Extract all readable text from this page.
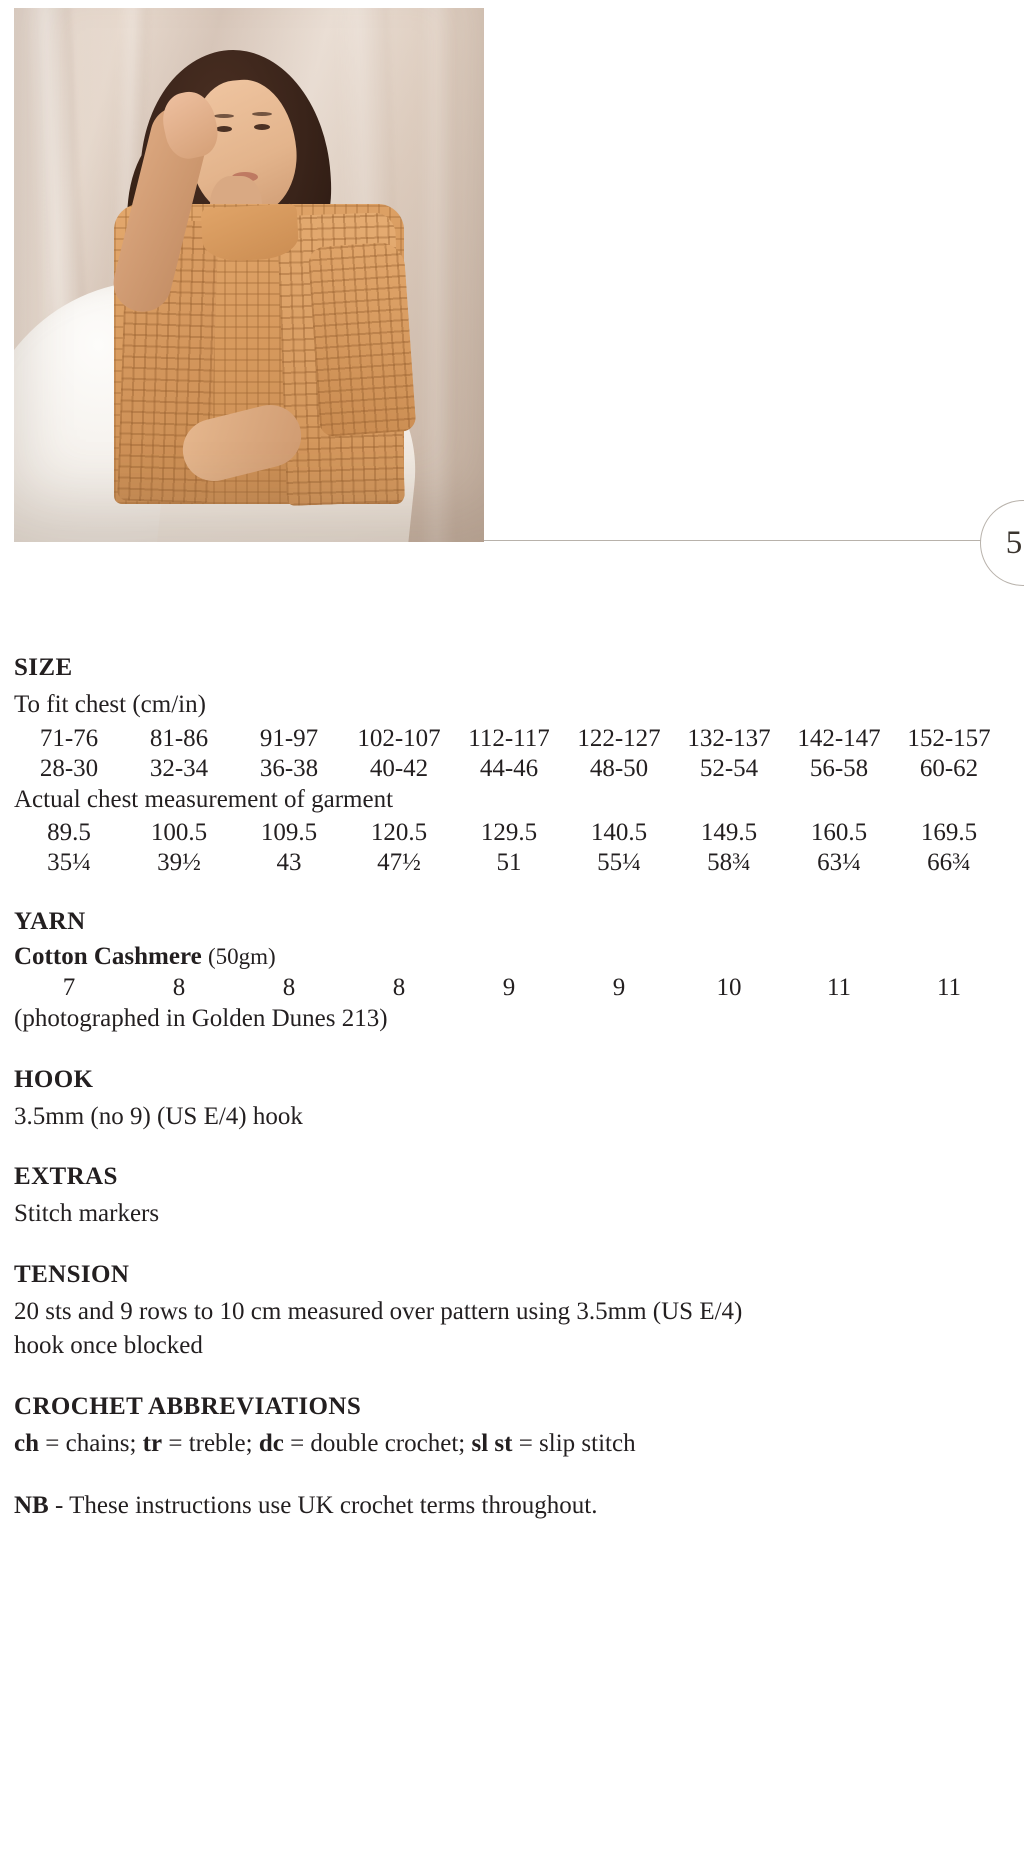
5
SIZE

To fit chest (cm/in)

71-76	81-86	91-97	102-107	112-117	122-127	132-137	142-147	152-157
28-30	32-34	36-38	40-42	44-46	48-50	52-54	56-58	60-62

Actual chest measurement of garment

89.5	100.5	109.5	120.5	129.5	140.5	149.5	160.5	169.5
35¼	39½	43	47½	51	55¼	58¾	63¼	66¾
YARN

Cotton Cashmere (50gm)

7	8	8	8	9	9	10	11	11

(photographed in Golden Dunes 213)

HOOK

3.5mm (no 9) (US E/4) hook

EXTRAS

Stitch markers

TENSION

20 sts and 9 rows to 10 cm measured over pattern using 3.5mm (US E/4)

hook once blocked

CROCHET ABBREVIATIONS

ch = chains; tr = treble; dc = double crochet; sl st = slip stitch

NB - These instructions use UK crochet terms throughout.
